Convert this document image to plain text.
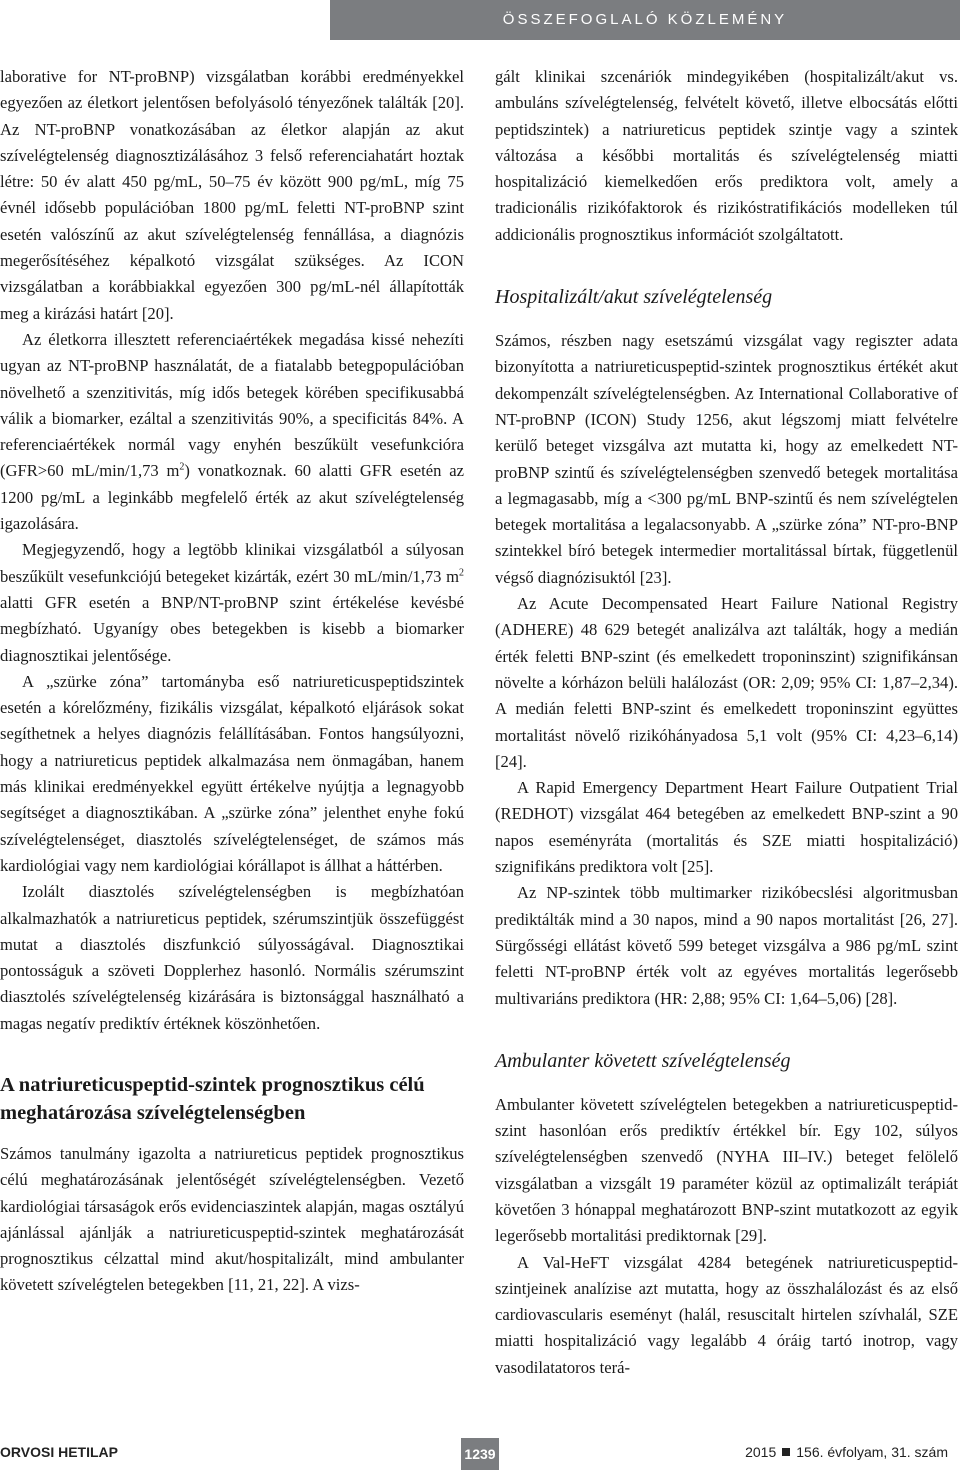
ÖSSZEFOGLALÓ KÖZLEMÉNY

laborative for NT-proBNP) vizsgálatban korábbi eredményekkel egyezően az életkort jelentősen befolyásoló tényezőnek találták [20]. Az NT-proBNP vonatkozásában az életkor alapján az akut szívelégtelenség diagnosztizálásához 3 felső referenciahatárt hoztak létre: 50 év alatt 450 pg/mL, 50–75 év között 900 pg/mL, míg 75 évnél idősebb populációban 1800 pg/mL feletti NT-proBNP szint esetén valószínű az akut szívelégtelenség fennállása, a diagnózis megerősítéséhez képalkotó vizsgálat szükséges. Az ICON vizsgálatban a korábbiakkal egyezően 300 pg/mL-nél állapították meg a kirázási határt [20].

Az életkorra illesztett referenciaértékek megadása kissé nehezíti ugyan az NT-proBNP használatát, de a fiatalabb betegpopulációban növelhető a szenzitivitás, míg idős betegek körében specifikusabbá válik a biomarker, ezáltal a szenzitivitás 90%, a specificitás 84%. A referenciaértékek normál vagy enyhén beszűkült vesefunkcióra (GFR>60 mL/min/1,73 $m^2$) vonatkoznak. 60 alatti GFR esetén az 1200 pg/mL a leginkább megfelelő érték az akut szívelégtelenség igazolására.

Megjegyzendő, hogy a legtöbb klinikai vizsgálatból a súlyosan beszűkült vesefunkciójú betegeket kizárták, ezért 30 mL/min/1,73 $m^2$ alatti GFR esetén a BNP/NT-proBNP szint értékelése kevésbé megbízható. Ugyanígy obes betegekben is kisebb a biomarker diagnosztikai jelentősége.

A „szürke zóna” tartományba eső natriureticuspeptidszintek esetén a kórelőzmény, fizikális vizsgálat, képalkotó eljárások sokat segíthetnek a helyes diagnózis felállításában. Fontos hangsúlyozni, hogy a natriureticus peptidek alkalmazása nem önmagában, hanem más klinikai eredményekkel együtt értékelve nyújtja a legnagyobb segítséget a diagnosztikában. A „szürke zóna” jelenthet enyhe fokú szívelégtelenséget, diasztolés szívelégtelenséget, de számos más kardiológiai vagy nem kardiológiai kórállapot is állhat a háttérben.

Izolált diasztolés szívelégtelenségben is megbízhatóan alkalmazhatók a natriureticus peptidek, szérumszintjük összefüggést mutat a diasztolés diszfunkció súlyosságával. Diagnosztikai pontosságuk a szöveti Dopplerhez hasonló. Normális szérumszint diasztolés szívelégtelenség kizárására is biztonsággal használható a magas negatív prediktív értéknek köszönhetően.

A natriureticuspeptid-szintek prognosztikus célú meghatározása szívelégtelenségben

Számos tanulmány igazolta a natriureticus peptidek prognosztikus célú meghatározásának jelentőségét szívelégtelenségben. Vezető kardiológiai társaságok erős evidenciaszintek alapján, magas osztályú ajánlással ajánlják a natriureticuspeptid-szintek meghatározását prognosztikus célzattal mind akut/hospitalizált, mind ambulanter követett szívelégtelen betegekben [11, 21, 22]. A vizs-

gált klinikai szcenáriók mindegyikében (hospitalizált/akut vs. ambuláns szívelégtelenség, felvételt követő, illetve elbocsátás előtti peptidszintek) a natriureticus peptidek szintje vagy a szintek változása a későbbi mortalitás és szívelégtelenség miatti hospitalizáció kiemelkedően erős prediktora volt, amely a tradicionális rizikófaktorok és rizikóstratifikációs modelleken túl addicionális prognosztikus információt szolgáltatott.

Hospitalizált/akut szívelégtelenség

Számos, részben nagy esetszámú vizsgálat vagy regiszter adata bizonyította a natriureticuspeptid-szintek prognosztikus értékét akut dekompenzált szívelégtelenségben. Az International Collaborative of NT-proBNP (ICON) Study 1256, akut légszomj miatt felvételre kerülő beteget vizsgálva azt mutatta ki, hogy az emelkedett NT-proBNP szintű és szívelégtelenségben szenvedő betegek mortalitása a legmagasabb, míg a <300 pg/mL BNP-szintű és nem szívelégtelen betegek mortalitása a legalacsonyabb. A „szürke zóna” NT-pro-BNP szintekkel bíró betegek intermedier mortalitással bírtak, függetlenül végső diagnózisuktól [23].

Az Acute Decompensated Heart Failure National Registry (ADHERE) 48 629 betegét analizálva azt találták, hogy a medián érték feletti BNP-szint (és emelkedett troponinszint) szignifikánsan növelte a kórházon belüli halálozást (OR: 2,09; 95% CI: 1,87–2,34). A medián feletti BNP-szint és emelkedett troponinszint együttes mortalitást növelő rizikóhányadosa 5,1 volt (95% CI: 4,23–6,14) [24].

A Rapid Emergency Department Heart Failure Outpatient Trial (REDHOT) vizsgálat 464 betegében az emelkedett BNP-szint a 90 napos eseményráta (mortalitás és SZE miatti hospitalizáció) szignifikáns prediktora volt [25].

Az NP-szintek több multimarker rizikóbecslési algoritmusban prediktálták mind a 30 napos, mind a 90 napos mortalitást [26, 27]. Sürgősségi ellátást követő 599 beteget vizsgálva a 986 pg/mL szint feletti NT-proBNP érték volt az egyéves mortalitás legerősebb multivariáns prediktora (HR: 2,88; 95% CI: 1,64–5,06) [28].

Ambulanter követett szívelégtelenség

Ambulanter követett szívelégtelen betegekben a natriureticuspeptid-szint hasonlóan erős prediktív értékkel bír. Egy 102, súlyos szívelégtelenségben szenvedő (NYHA III–IV.) beteget felölelő vizsgálatban a vizsgált 19 paraméter közül az optimalizált terápiát követően 3 hónappal meghatározott BNP-szint mutatkozott az egyik legerősebb mortalitási prediktornak [29].

A Val-HeFT vizsgálat 4284 betegének natriureticuspeptid-szintjeinek analízise azt mutatta, hogy az összhalálozást és az első cardiovascularis eseményt (halál, resuscitalt hirtelen szívhalál, SZE miatti hospitalizáció vagy legalább 4 óráig tartó inotrop, vagy vasodilatatoros terá-

ORVOSI HETILAP	1239	2015 156. évfolyam, 31. szám
